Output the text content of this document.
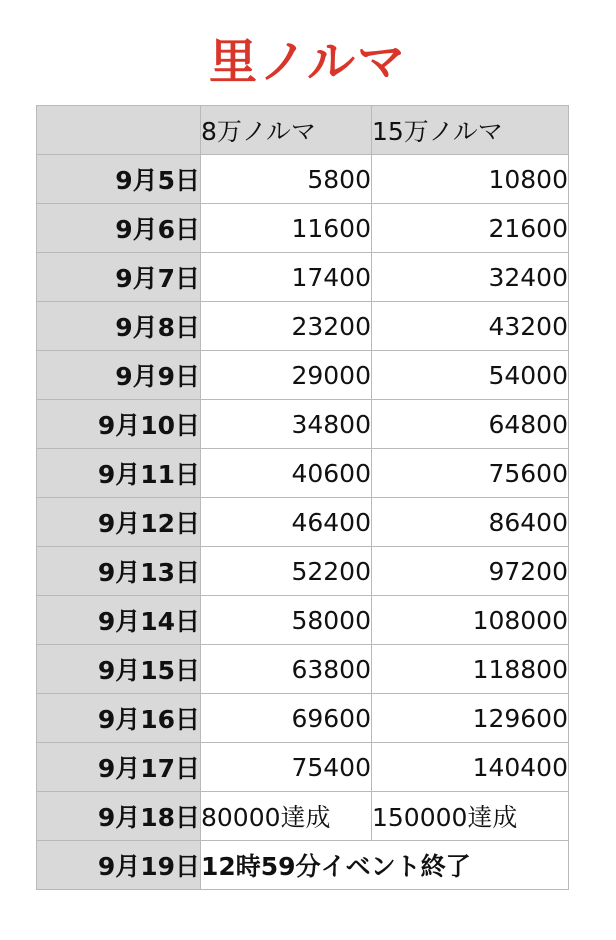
里ノルマ
	8万ノルマ	15万ノルマ
9月5日	5800	10800
9月6日	11600	21600
9月7日	17400	32400
9月8日	23200	43200
9月9日	29000	54000
9月10日	34800	64800
9月11日	40600	75600
9月12日	46400	86400
9月13日	52200	97200
9月14日	58000	108000
9月15日	63800	118800
9月16日	69600	129600
9月17日	75400	140400
9月18日	80000達成	150000達成
9月19日	12時59分イベント終了	
